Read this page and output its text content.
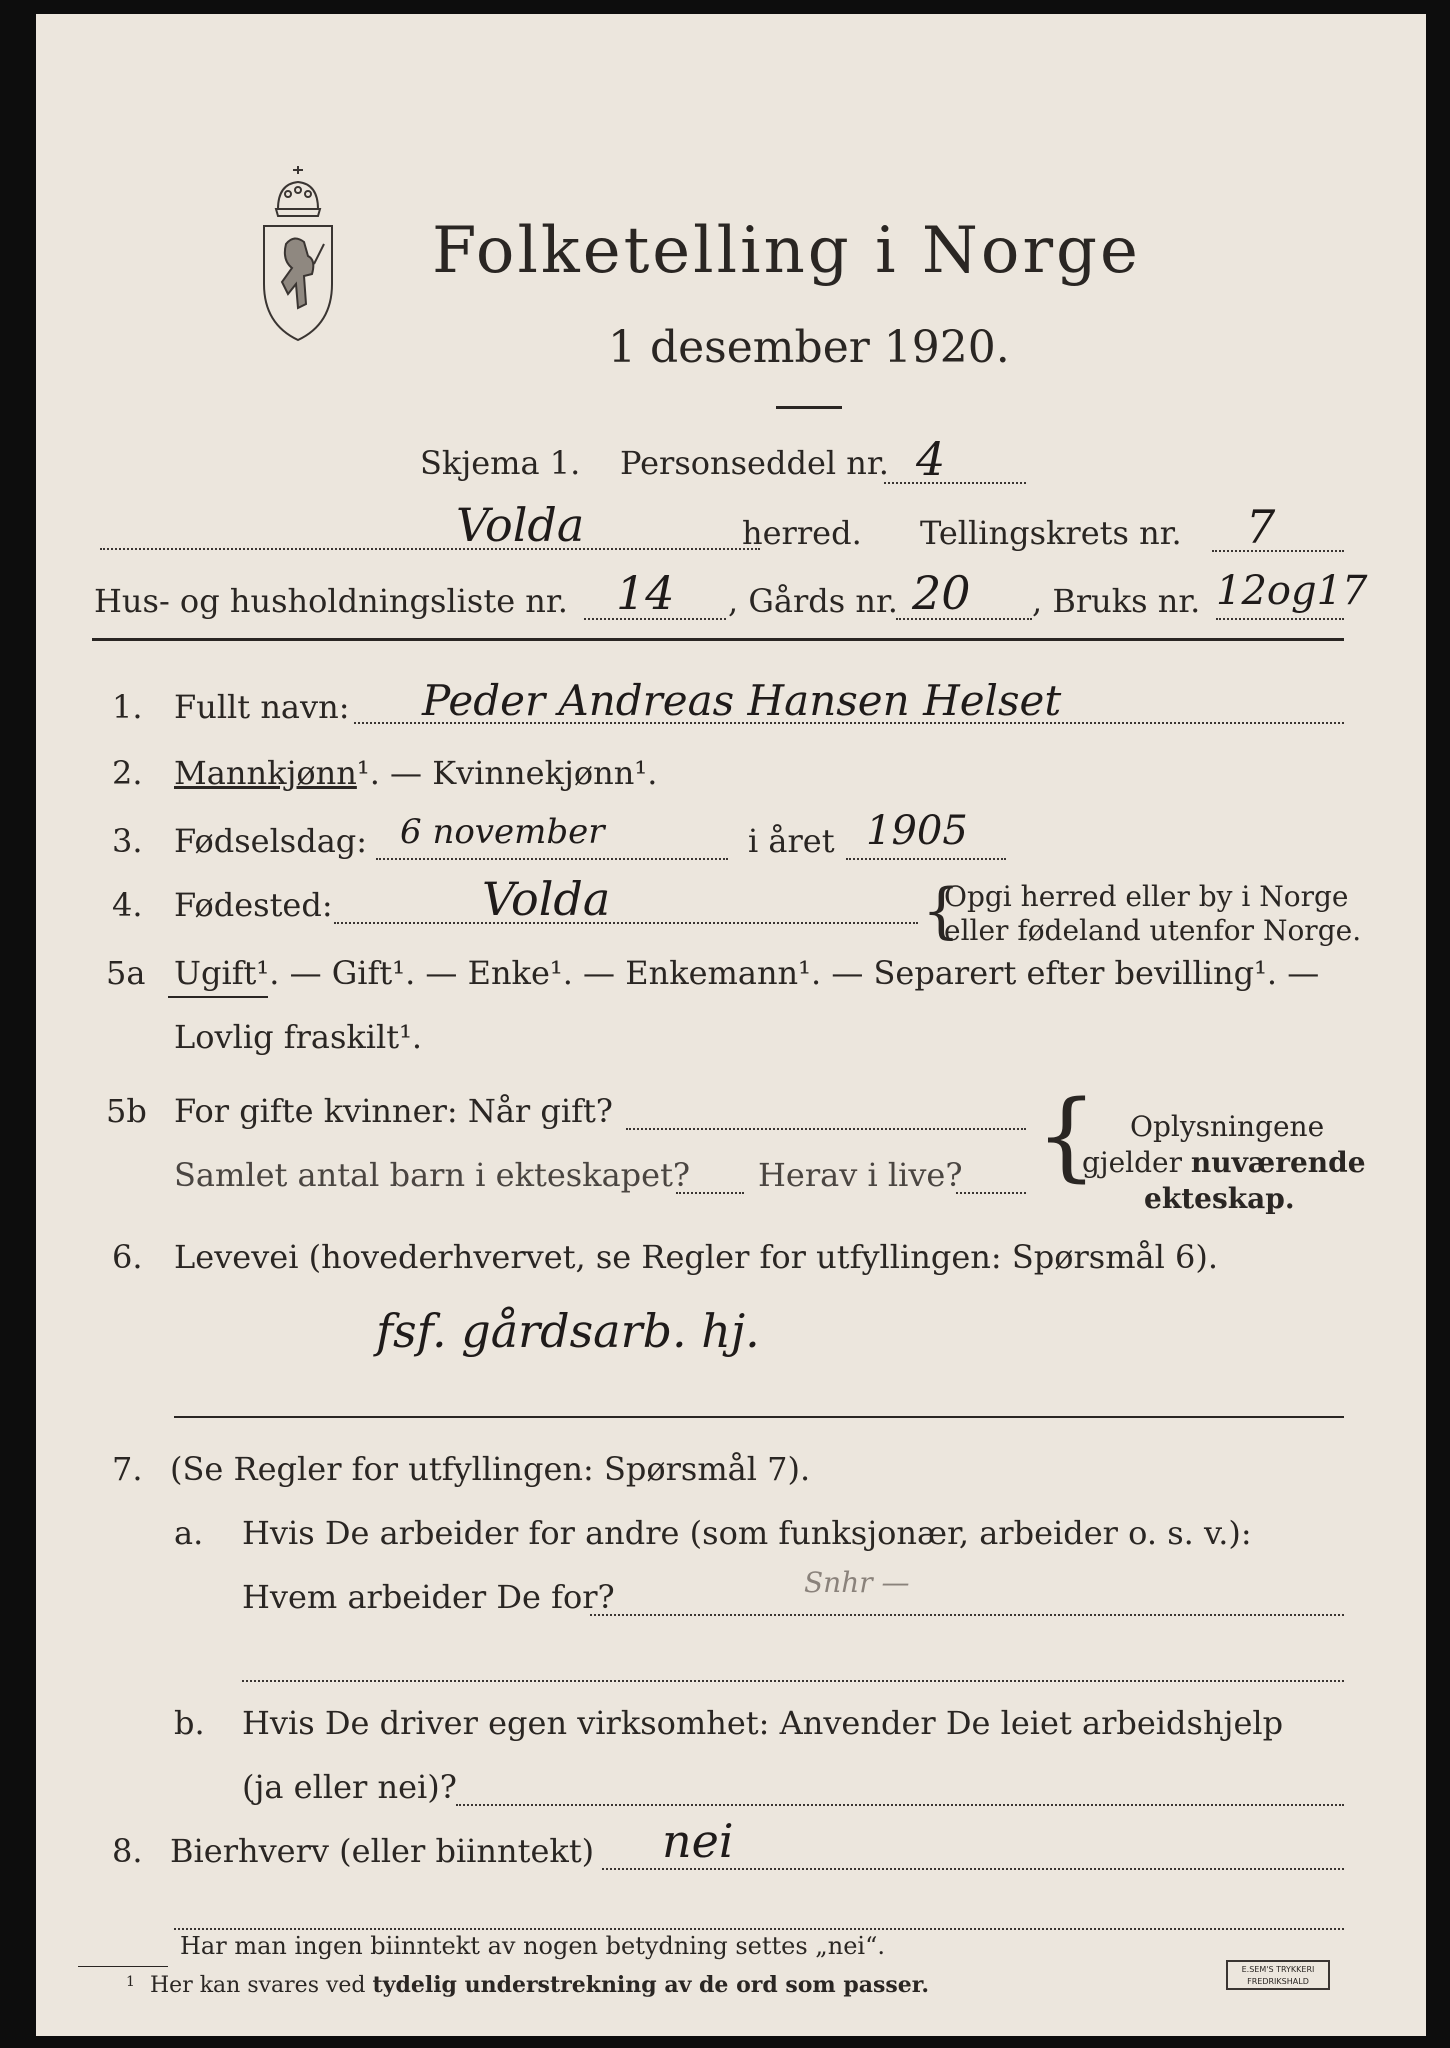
Folketelling i Norge
1 desember 1920.
Skjema 1. Personseddel nr. 4
Volda	herred. Tellingskrets nr. 7
Hus- og husholdningsliste nr. 14 , Gårds nr. 20 , Bruks nr. 12og17
1. Fullt navn: Peder Andreas Hansen Helset
2. Mannkjønn¹. — Kvinnekjønn¹.
3. Fødselsdag: 6 november	i året 1905
4. Fødested:	Volda	{
Opgi herred eller by i Norge
eller fødeland utenfor Norge.
5a Ugift¹. — Gift¹. — Enke¹. — Enkemann¹. — Separert efter bevilling¹. —
Lovlig fraskilt¹.
5b For gifte kvinner: Når gift?
Samlet antal barn i ekteskapet? Herav i live? { Oplysningene
gjelder nuværende
ekteskap.
6. Levevei (hovederhvervet, se Regler for utfyllingen: Spørsmål 6).
fsf. gårdsarb. hj.
7. (Se Regler for utfyllingen: Spørsmål 7).
a. Hvis De arbeider for andre (som funksjonær, arbeider o. s. v.):
Hvem arbeider De for?	Snhr —
b. Hvis De driver egen virksomhet: Anvender De leiet arbeidshjelp
(ja eller nei)?
8. Bierhverv (eller biinntekt) nei
Har man ingen biinntekt av nogen betydning settes „nei“.
1 Her kan svares ved tydelig understrekning av de ord som passer.
E.SEM'S TRYKKERI
FREDRIKSHALD
